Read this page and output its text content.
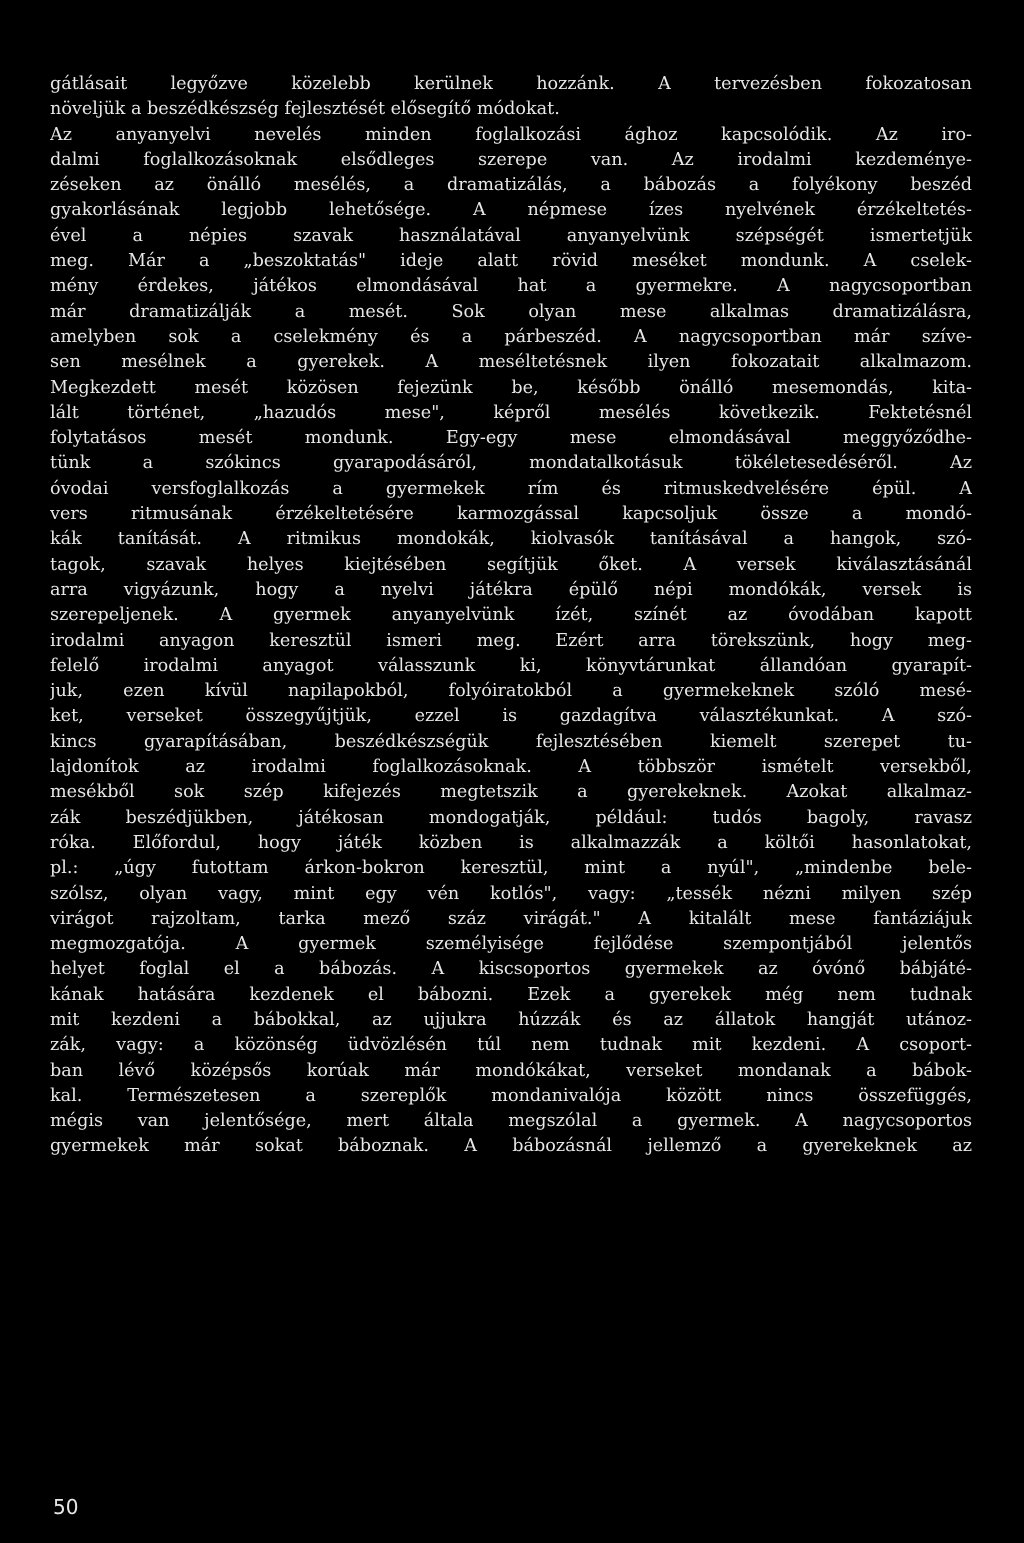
gátlásait legyőzve közelebb kerülnek hozzánk. A tervezésben fokozatosan
növeljük a beszédkészség fejlesztését elősegítő módokat.
Az anyanyelvi nevelés minden foglalkozási ághoz kapcsolódik. Az iro-
dalmi foglalkozásoknak elsődleges szerepe van. Az irodalmi kezdeménye-
zéseken az önálló mesélés, a dramatizálás, a bábozás a folyékony beszéd
gyakorlásának legjobb lehetősége. A népmese ízes nyelvének érzékeltetés-
ével a népies szavak használatával anyanyelvünk szépségét ismertetjük
meg. Már a „beszoktatás" ideje alatt rövid meséket mondunk. A cselek-
mény érdekes, játékos elmondásával hat a gyermekre. A nagycsoportban
már dramatizálják a mesét. Sok olyan mese alkalmas dramatizálásra,
amelyben sok a cselekmény és a párbeszéd. A nagycsoportban már szíve-
sen mesélnek a gyerekek. A meséltetésnek ilyen fokozatait alkalmazom.
Megkezdett mesét közösen fejezünk be, később önálló mesemondás, kita-
lált történet, „hazudós mese", képről mesélés következik. Fektetésnél
folytatásos mesét mondunk. Egy-egy mese elmondásával meggyőződhe-
tünk a szókincs gyarapodásáról, mondatalkotásuk tökéletesedéséről. Az
óvodai versfoglalkozás a gyermekek rím és ritmuskedvelésére épül. A
vers ritmusának érzékeltetésére karmozgással kapcsoljuk össze a mondó-
kák tanítását. A ritmikus mondokák, kiolvasók tanításával a hangok, szó-
tagok, szavak helyes kiejtésében segítjük őket. A versek kiválasztásánál
arra vigyázunk, hogy a nyelvi játékra épülő népi mondókák, versek is
szerepeljenek. A gyermek anyanyelvünk ízét, színét az óvodában kapott
irodalmi anyagon keresztül ismeri meg. Ezért arra törekszünk, hogy meg-
felelő irodalmi anyagot válasszunk ki, könyvtárunkat állandóan gyarapít-
juk, ezen kívül napilapokból, folyóiratokból a gyermekeknek szóló mesé-
ket, verseket összegyűjtjük, ezzel is gazdagítva választékunkat. A szó-
kincs gyarapításában, beszédkészségük fejlesztésében kiemelt szerepet tu-
lajdonítok az irodalmi foglalkozásoknak. A többször ismételt versekből,
mesékből sok szép kifejezés megtetszik a gyerekeknek. Azokat alkalmaz-
zák beszédjükben, játékosan mondogatják, például: tudós bagoly, ravasz
róka. Előfordul, hogy játék közben is alkalmazzák a költői hasonlatokat,
pl.: „úgy futottam árkon-bokron keresztül, mint a nyúl", „mindenbe bele-
szólsz, olyan vagy, mint egy vén kotlós", vagy: „tessék nézni milyen szép
virágot rajzoltam, tarka mező száz virágát." A kitalált mese fantáziájuk
megmozgatója. A gyermek személyisége fejlődése szempontjából jelentős
helyet foglal el a bábozás. A kiscsoportos gyermekek az óvónő bábjáté-
kának hatására kezdenek el bábozni. Ezek a gyerekek még nem tudnak
mit kezdeni a bábokkal, az ujjukra húzzák és az állatok hangját utánoz-
zák, vagy: a közönség üdvözlésén túl nem tudnak mit kezdeni. A csoport-
ban lévő középsős korúak már mondókákat, verseket mondanak a bábok-
kal. Természetesen a szereplők mondanivalója között nincs összefüggés,
mégis van jelentősége, mert általa megszólal a gyermek. A nagycsoportos
gyermekek már sokat báboznak. A bábozásnál jellemző a gyerekeknek az
50
